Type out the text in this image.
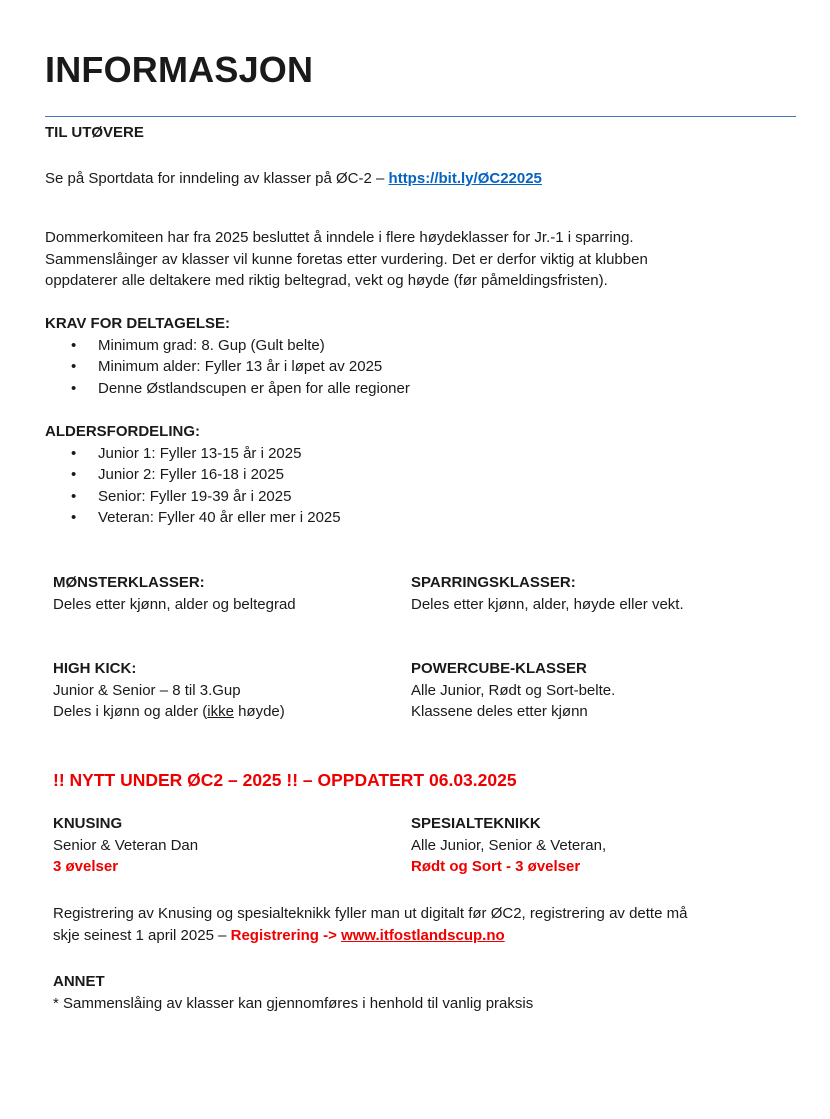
INFORMASJON
TIL UTØVERE
Se på Sportdata for inndeling av klasser på ØC-2 – https://bit.ly/ØC22025

Dommerkomiteen har fra 2025 besluttet å inndele i flere høydeklasser for Jr.-1 i sparring.

Sammenslåinger av klasser vil kunne foretas etter vurdering. Det er derfor viktig at klubben

oppdaterer alle deltakere med riktig beltegrad, vekt og høyde (før påmeldingsfristen).

KRAV FOR DELTAGELSE:
• Minimum grad: 8. Gup (Gult belte)
• Minimum alder: Fyller 13 år i løpet av 2025
• Denne Østlandscupen er åpen for alle regioner
ALDERSFORDELING:
• Junior 1: Fyller 13-15 år i 2025
• Junior 2: Fyller 16-18 i 2025
• Senior: Fyller 19-39 år i 2025
• Veteran: Fyller 40 år eller mer i 2025
MØNSTERKLASSER:
Deles etter kjønn, alder og beltegrad
SPARRINGSKLASSER:
Deles etter kjønn, alder, høyde eller vekt.
HIGH KICK:
Junior & Senior – 8 til 3.Gup
Deles i kjønn og alder (ikke høyde)
POWERCUBE-KLASSER
Alle Junior, Rødt og Sort-belte.
Klassene deles etter kjønn
!! NYTT UNDER ØC2 – 2025 !! – OPPDATERT 06.03.2025
KNUSING
Senior & Veteran Dan
3 øvelser
SPESIALTEKNIKK
Alle Junior, Senior & Veteran,
Rødt og Sort - 3 øvelser
Registrering av Knusing og spesialteknikk fyller man ut digitalt før ØC2, registrering av dette må
skje seinest 1 april 2025 – Registrering -> www.itfostlandscup.no
ANNET
* Sammenslåing av klasser kan gjennomføres i henhold til vanlig praksis
